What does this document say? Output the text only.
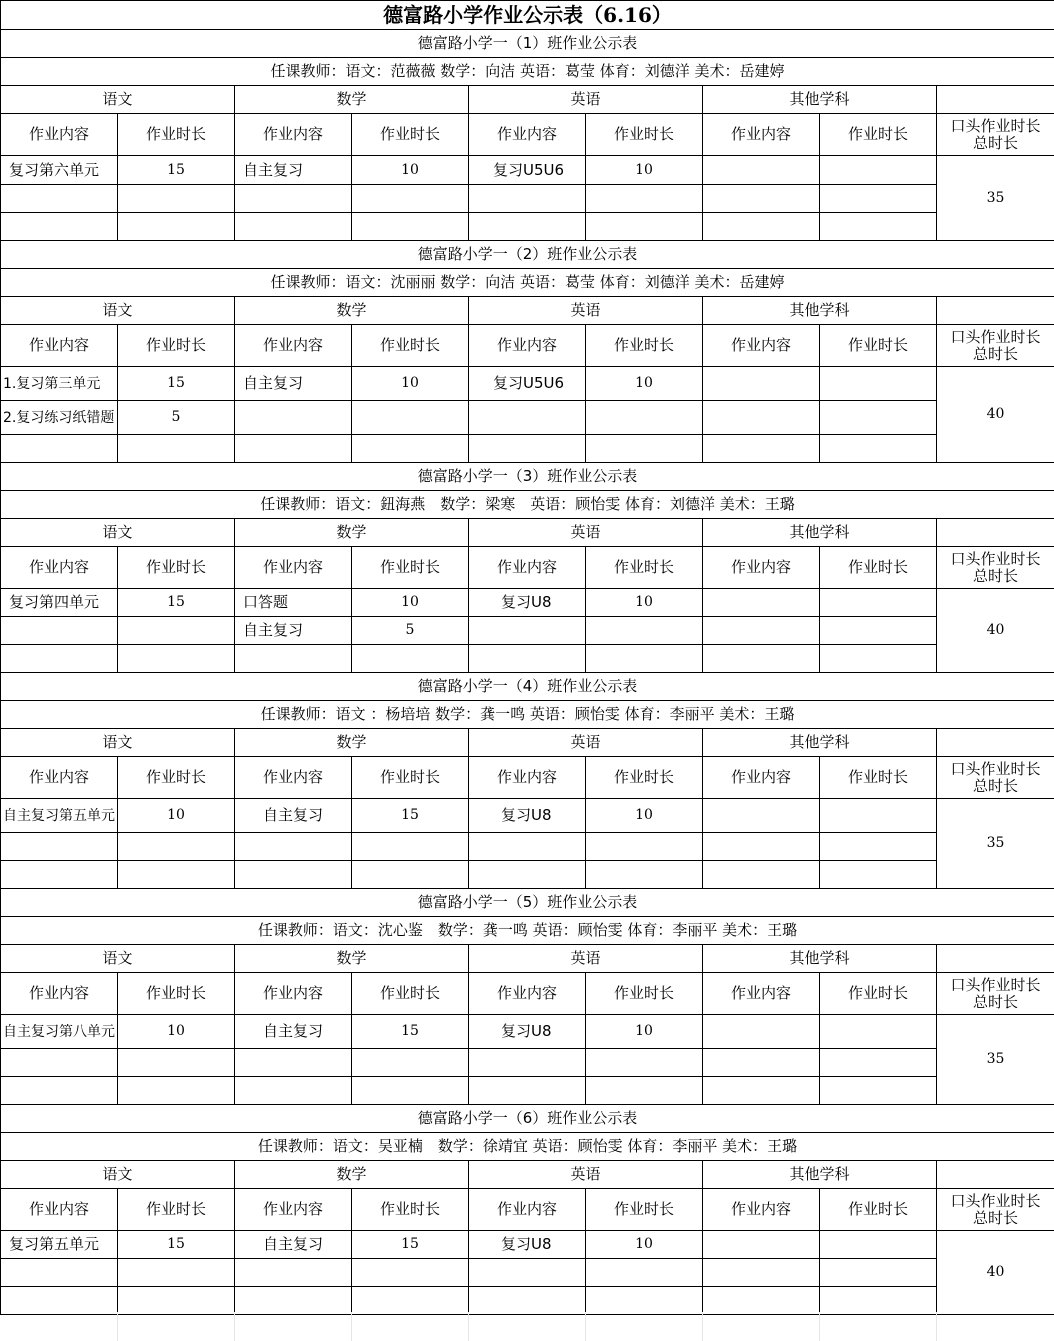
德富路小学作业公示表（6.16）								
德富路小学一（1）班作业公示表								
任课教师：语文：范薇薇 数学：向洁 英语：葛莹 体育：刘德洋 美术：岳建婷								
语文		数学		英语		其他学科		
作业内容	作业时长	作业内容	作业时长	作业内容	作业时长	作业内容	作业时长	口头作业时长
总时长
复习第六单元	15	自主复习	10	复习U5U6	10			35

德富路小学一（2）班作业公示表								
任课教师：语文：沈丽丽 数学：向洁 英语：葛莹 体育：刘德洋 美术：岳建婷								
语文		数学		英语		其他学科		
作业内容	作业时长	作业内容	作业时长	作业内容	作业时长	作业内容	作业时长	口头作业时长
总时长
1.复习第三单元	15	自主复习	10	复习U5U6	10			40
2.复习练习纸错题	5							

德富路小学一（3）班作业公示表								
任课教师：语文：鈕海燕　数学：梁寒　英语：顾怡雯 体育：刘德洋 美术：王璐								
语文		数学		英语		其他学科		
作业内容	作业时长	作业内容	作业时长	作业内容	作业时长	作业内容	作业时长	口头作业时长
总时长
复习第四单元	15	口答题	10	复习U8	10			40
		自主复习	5					

德富路小学一（4）班作业公示表								
任课教师：语文 ：杨培培 数学：龚一鸣 英语：顾怡雯 体育：李丽平 美术：王璐								
语文		数学		英语		其他学科		
作业内容	作业时长	作业内容	作业时长	作业内容	作业时长	作业内容	作业时长	口头作业时长
总时长
自主复习第五单元	10	自主复习	15	复习U8	10			35

德富路小学一（5）班作业公示表								
任课教师：语文：沈心鉴　数学：龚一鸣 英语：顾怡雯 体育：李丽平 美术：王璐								
语文		数学		英语		其他学科		
作业内容	作业时长	作业内容	作业时长	作业内容	作业时长	作业内容	作业时长	口头作业时长
总时长
自主复习第八单元	10	自主复习	15	复习U8	10			35

德富路小学一（6）班作业公示表								
任课教师：语文：吴亚楠　数学：徐靖宜 英语：顾怡雯 体育：李丽平 美术：王璐								
语文		数学		英语		其他学科		
作业内容	作业时长	作业内容	作业时长	作业内容	作业时长	作业内容	作业时长	口头作业时长
总时长
复习第五单元	15	自主复习	15	复习U8	10			40
